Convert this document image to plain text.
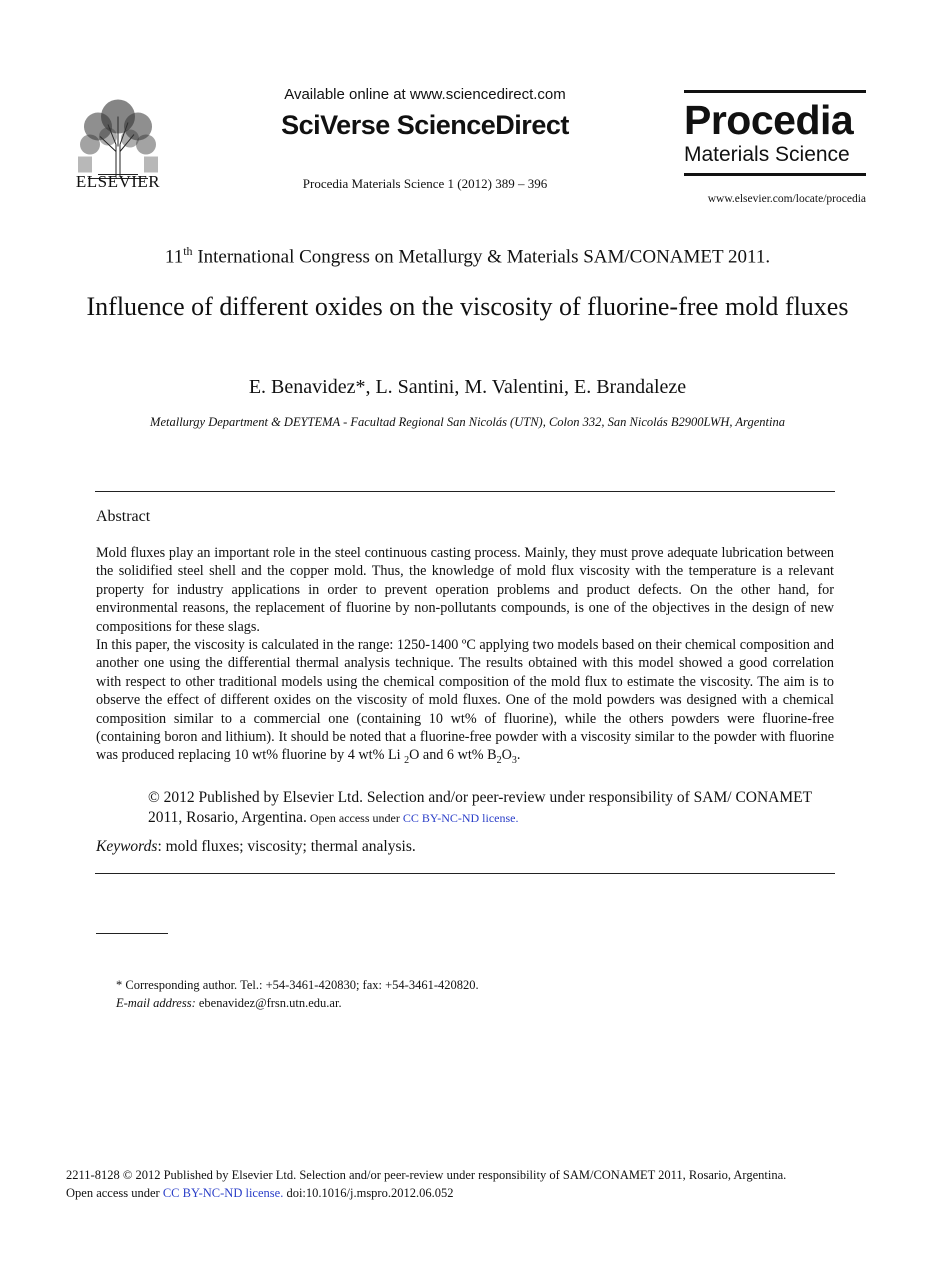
ELSEVIER
Available online at www.sciencedirect.com
SciVerse ScienceDirect
Procedia Materials Science 1 (2012) 389 – 396
Procedia
Materials Science
www.elsevier.com/locate/procedia
11th International Congress on Metallurgy & Materials SAM/CONAMET 2011.
Influence of different oxides on the viscosity of fluorine-free mold fluxes
E. Benavidez*, L. Santini, M. Valentini, E. Brandaleze
Metallurgy Department & DEYTEMA - Facultad Regional San Nicolás (UTN), Colon 332, San Nicolás B2900LWH, Argentina
Abstract

Mold fluxes play an important role in the steel continuous casting process. Mainly, they must prove adequate lubrication between the solidified steel shell and the copper mold. Thus, the knowledge of mold flux viscosity with the temperature is a relevant property for industry applications in order to prevent operation problems and product defects. On the other hand, for environmental reasons, the replacement of fluorine by non-pollutants compounds, is one of the objectives in the design of new compositions for these slags.

In this paper, the viscosity is calculated in the range: 1250-1400 ºC applying two models based on their chemical composition and another one using the differential thermal analysis technique. The results obtained with this model showed a good correlation with respect to other traditional models using the chemical composition of the mold flux to estimate the viscosity. The aim is to observe the effect of different oxides on the viscosity of mold fluxes. One of the mold powders was designed with a chemical composition similar to a commercial one (containing 10 wt% of fluorine), while the others powders were fluorine-free (containing boron and lithium). It should be noted that a fluorine-free powder with a viscosity similar to the powder with fluorine was produced replacing 10 wt% fluorine by 4 wt% Li $_2$O and 6 wt% $B_2O_3$.

© 2012 Published by Elsevier Ltd. Selection and/or peer-review under responsibility of SAM/ CONAMET 2011, Rosario, Argentina. Open access under CC BY-NC-ND license.
Keywords: mold fluxes; viscosity; thermal analysis.
* Corresponding author. Tel.: +54-3461-420830; fax: +54-3461-420820.
E-mail address: ebenavidez@frsn.utn.edu.ar.
2211-8128 © 2012 Published by Elsevier Ltd. Selection and/or peer-review under responsibility of SAM/CONAMET 2011, Rosario, Argentina.
Open access under CC BY-NC-ND license. doi:10.1016/j.mspro.2012.06.052
